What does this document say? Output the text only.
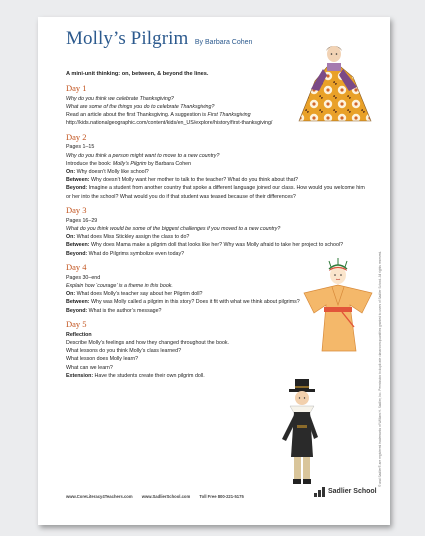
Molly’s Pilgrim By Barbara Cohen
A mini-unit thinking: on, between, & beyond the lines.
Day 1
Why do you think we celebrate Thanksgiving?
What are some of the things you do to celebrate Thanksgiving?
Read an article about the first Thanksgiving. A suggestion is First Thanksgiving
http://kids.nationalgeographic.com/content/kids/en_US/explore/history/first-thanksgiving/
Day 2
Pages 1–15
Why do you think a person might want to move to a new country?
Introduce the book: Molly’s Pilgrim by Barbara Cohen
On: Why doesn’t Molly like school?
Between: Why doesn’t Molly want her mother to talk to the teacher? What do you think about that?
Beyond: Imagine a student from another country that spoke a different language joined our class. How would you welcome him or her into the school? What would you do if that student was teased because of their differences?
Day 3
Pages 16–29
What do you think would be some of the biggest challenges if you moved to a new country?
On: What does Miss Stickley assign the class to do?
Between: Why does Mama make a pilgrim doll that looks like her? Why was Molly afraid to take her project to school?
Beyond: What do Pilgrims symbolize even today?
Day 4
Pages 30–end
Explain how ‘courage’ is a theme in this book.
On: What does Molly’s teacher say about her Pilgrim doll?
Between: Why was Molly called a pilgrim in this story? Does it fit with what we think about pilgrims?
Beyond: What is the author’s message?
Day 5
Reflection
Describe Molly’s feelings and how they changed throughout the book.
What lessons do you think Molly’s class learned?
What lesson does Molly learn?
What can we learn?
Extension: Have the students create their own pilgrim doll.
www.CoreLiteracy4Teachers.com www.SadlierSchool.com Toll Free 800-221-5175
Sadlier School
® and Sadlier® are registered trademarks of William H. Sadlier, Inc. Permission to duplicate classroom quantities granted to users of Sadlier School. All rights reserved.
